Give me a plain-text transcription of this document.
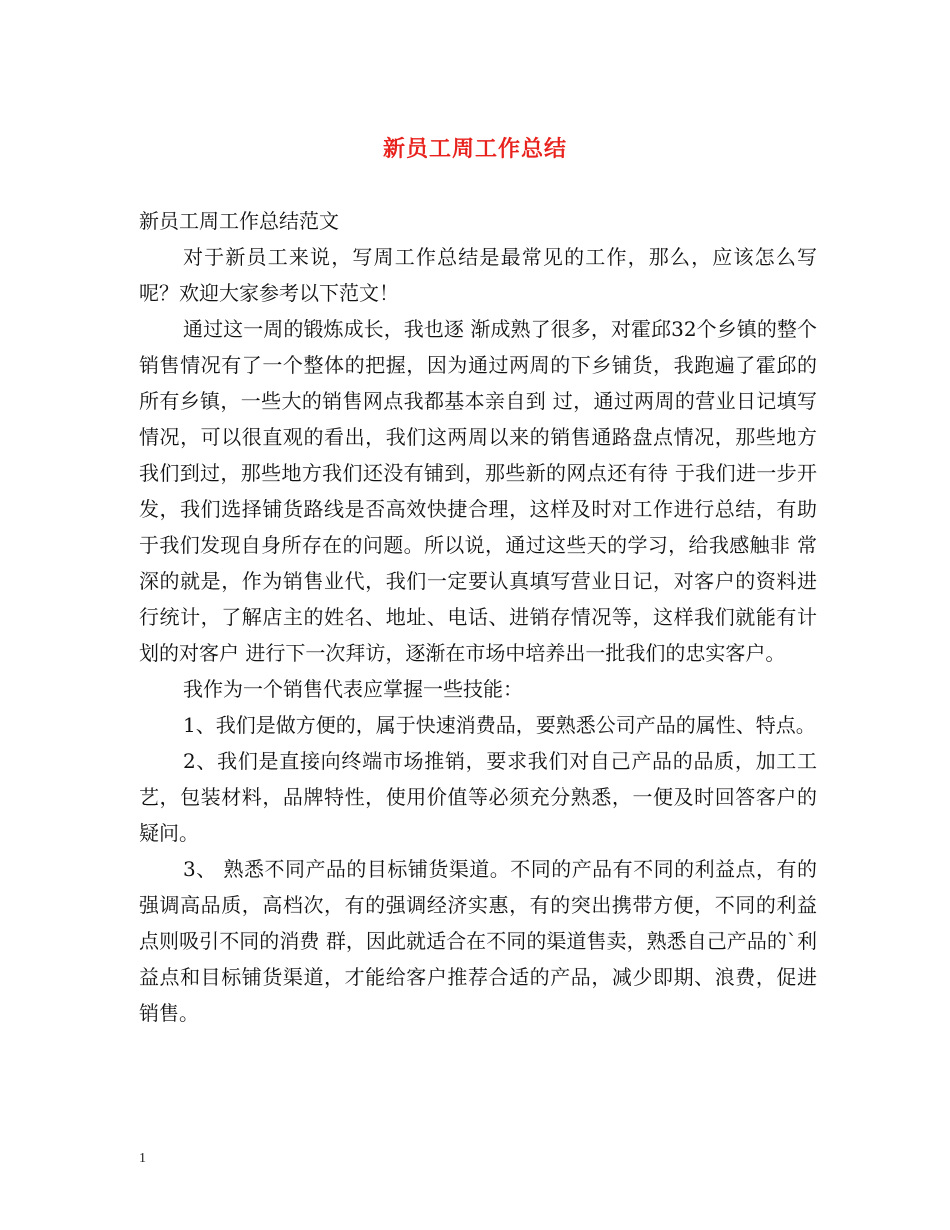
新员工周工作总结

新员工周工作总结范文

对于新员工来说，写周工作总结是最常见的工作，那么，应该怎么写呢？欢迎大家参考以下范文！

通过这一周的锻炼成长，我也逐 渐成熟了很多，对霍邱32个乡镇的整个销售情况有了一个整体的把握，因为通过两周的下乡铺货，我跑遍了霍邱的所有乡镇，一些大的销售网点我都基本亲自到 过，通过两周的营业日记填写情况，可以很直观的看出，我们这两周以来的销售通路盘点情况，那些地方我们到过，那些地方我们还没有铺到，那些新的网点还有待 于我们进一步开发，我们选择铺货路线是否高效快捷合理，这样及时对工作进行总结，有助于我们发现自身所存在的问题。所以说，通过这些天的学习，给我感触非 常深的就是，作为销售业代，我们一定要认真填写营业日记，对客户的资料进行统计，了解店主的姓名、地址、电话、进销存情况等，这样我们就能有计划的对客户 进行下一次拜访，逐渐在市场中培养出一批我们的忠实客户。

我作为一个销售代表应掌握一些技能：

1、我们是做方便的，属于快速消费品，要熟悉公司产品的属性、特点。

2、我们是直接向终端市场推销，要求我们对自己产品的品质，加工工艺，包装材料，品牌特性，使用价值等必须充分熟悉，一便及时回答客户的疑问。

3、 熟悉不同产品的目标铺货渠道。不同的产品有不同的利益点，有的强调高品质，高档次，有的强调经济实惠，有的突出携带方便，不同的利益点则吸引不同的消费 群，因此就适合在不同的渠道售卖，熟悉自己产品的`利益点和目标铺货渠道，才能给客户推荐合适的产品，减少即期、浪费，促进销售。

1
